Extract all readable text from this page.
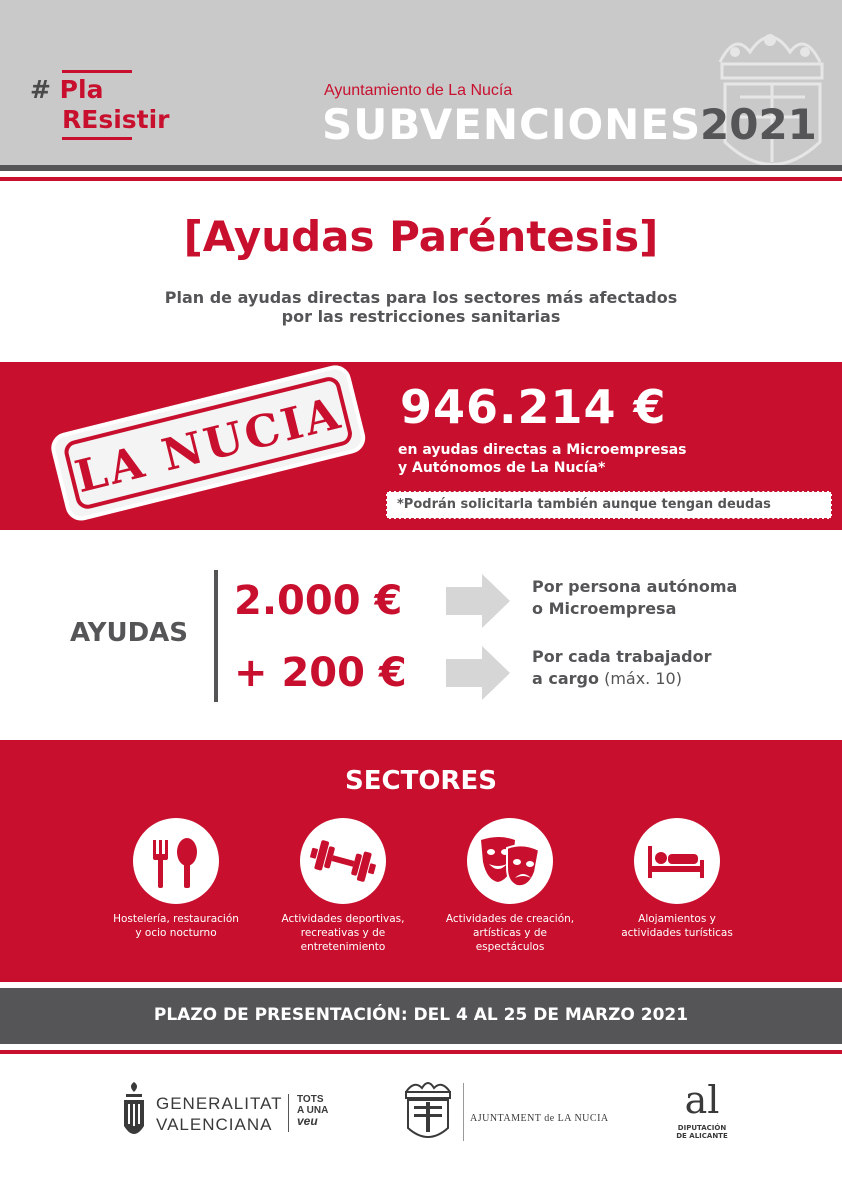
# Pla
REsistir
Ayuntamiento de La Nucía
SUBVENCIONES
2021
[Ayudas Paréntesis]
Plan de ayudas directas para los sectores más afectados
por las restricciones sanitarias
LA NUCIA 946.214 €
en ayudas directas a Microempresas
y Autónomos de La Nucía*
*Podrán solicitarla también aunque tengan deudas
AYUDAS
2.000 €	Por persona autónoma
o Microempresa
+ 200 €	Por cada trabajador
a cargo (máx. 10)
SECTORES
Hostelería, restauración
y ocio nocturno
Actividades deportivas,
recreativas y de
entretenimiento
Actividades de creación,
artísticas y de
espectáculos
Alojamientos y
actividades turísticas
PLAZO DE PRESENTACIÓN: DEL 4 AL 25 DE MARZO 2021
GENERALITAT
VALENCIANA
TOTS
A UNA
veu	AJUNTAMENT de LA NUCIA	al
DIPUTACIÓN
DE ALICANTE
